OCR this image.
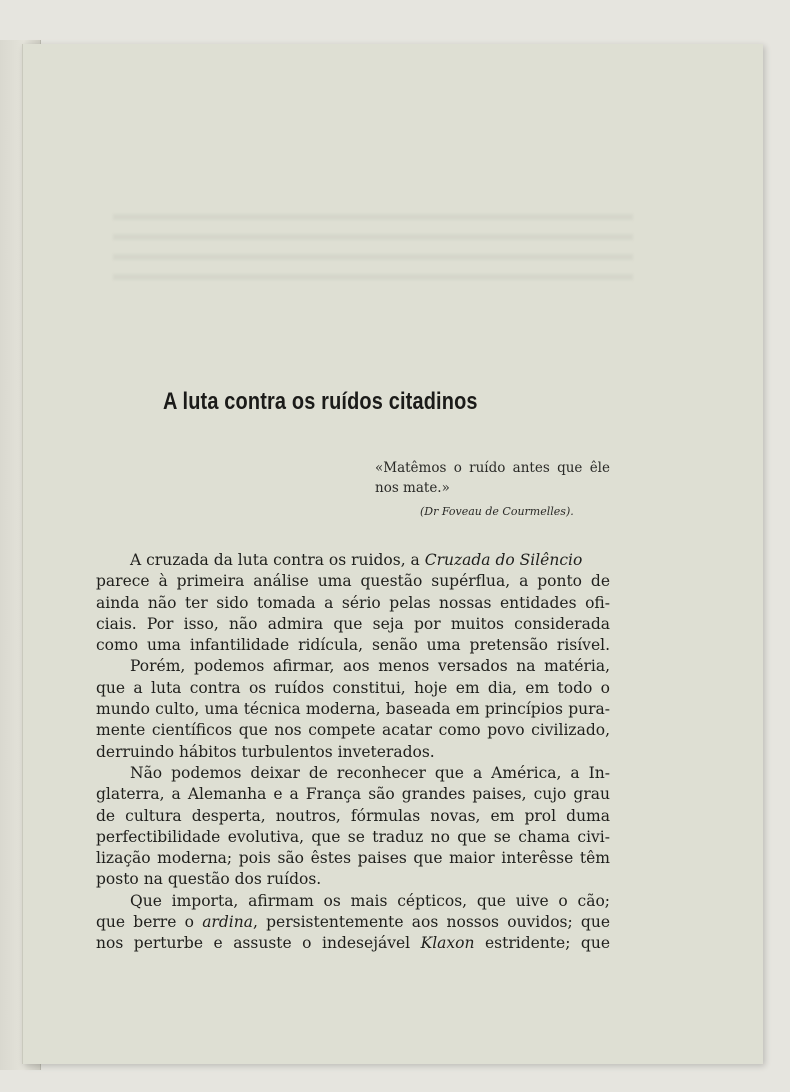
A luta contra os ruídos citadinos
«Matêmos o ruído antes que êle
nos mate.»
(Dr Foveau de Courmelles).
A cruzada da luta contra os ruidos, a Cruzada do Silêncio
parece à primeira análise uma questão supérflua, a ponto de
ainda não ter sido tomada a sério pelas nossas entidades ofi-
ciais. Por isso, não admira que seja por muitos considerada
como uma infantilidade ridícula, senão uma pretensão risível.
Porém, podemos afirmar, aos menos versados na matéria,
que a luta contra os ruídos constitui, hoje em dia, em todo o
mundo culto, uma técnica moderna, baseada em princípios pura-
mente científicos que nos compete acatar como povo civilizado,
derruindo hábitos turbulentos inveterados.
Não podemos deixar de reconhecer que a América, a In-
glaterra, a Alemanha e a França são grandes paises, cujo grau
de cultura desperta, noutros, fórmulas novas, em prol duma
perfectibilidade evolutiva, que se traduz no que se chama civi-
lização moderna; pois são êstes paises que maior interêsse têm
posto na questão dos ruídos.
Que importa, afirmam os mais cépticos, que uive o cão;
que berre o ardina, persistentemente aos nossos ouvidos; que
nos perturbe e assuste o indesejável Klaxon estridente; que
